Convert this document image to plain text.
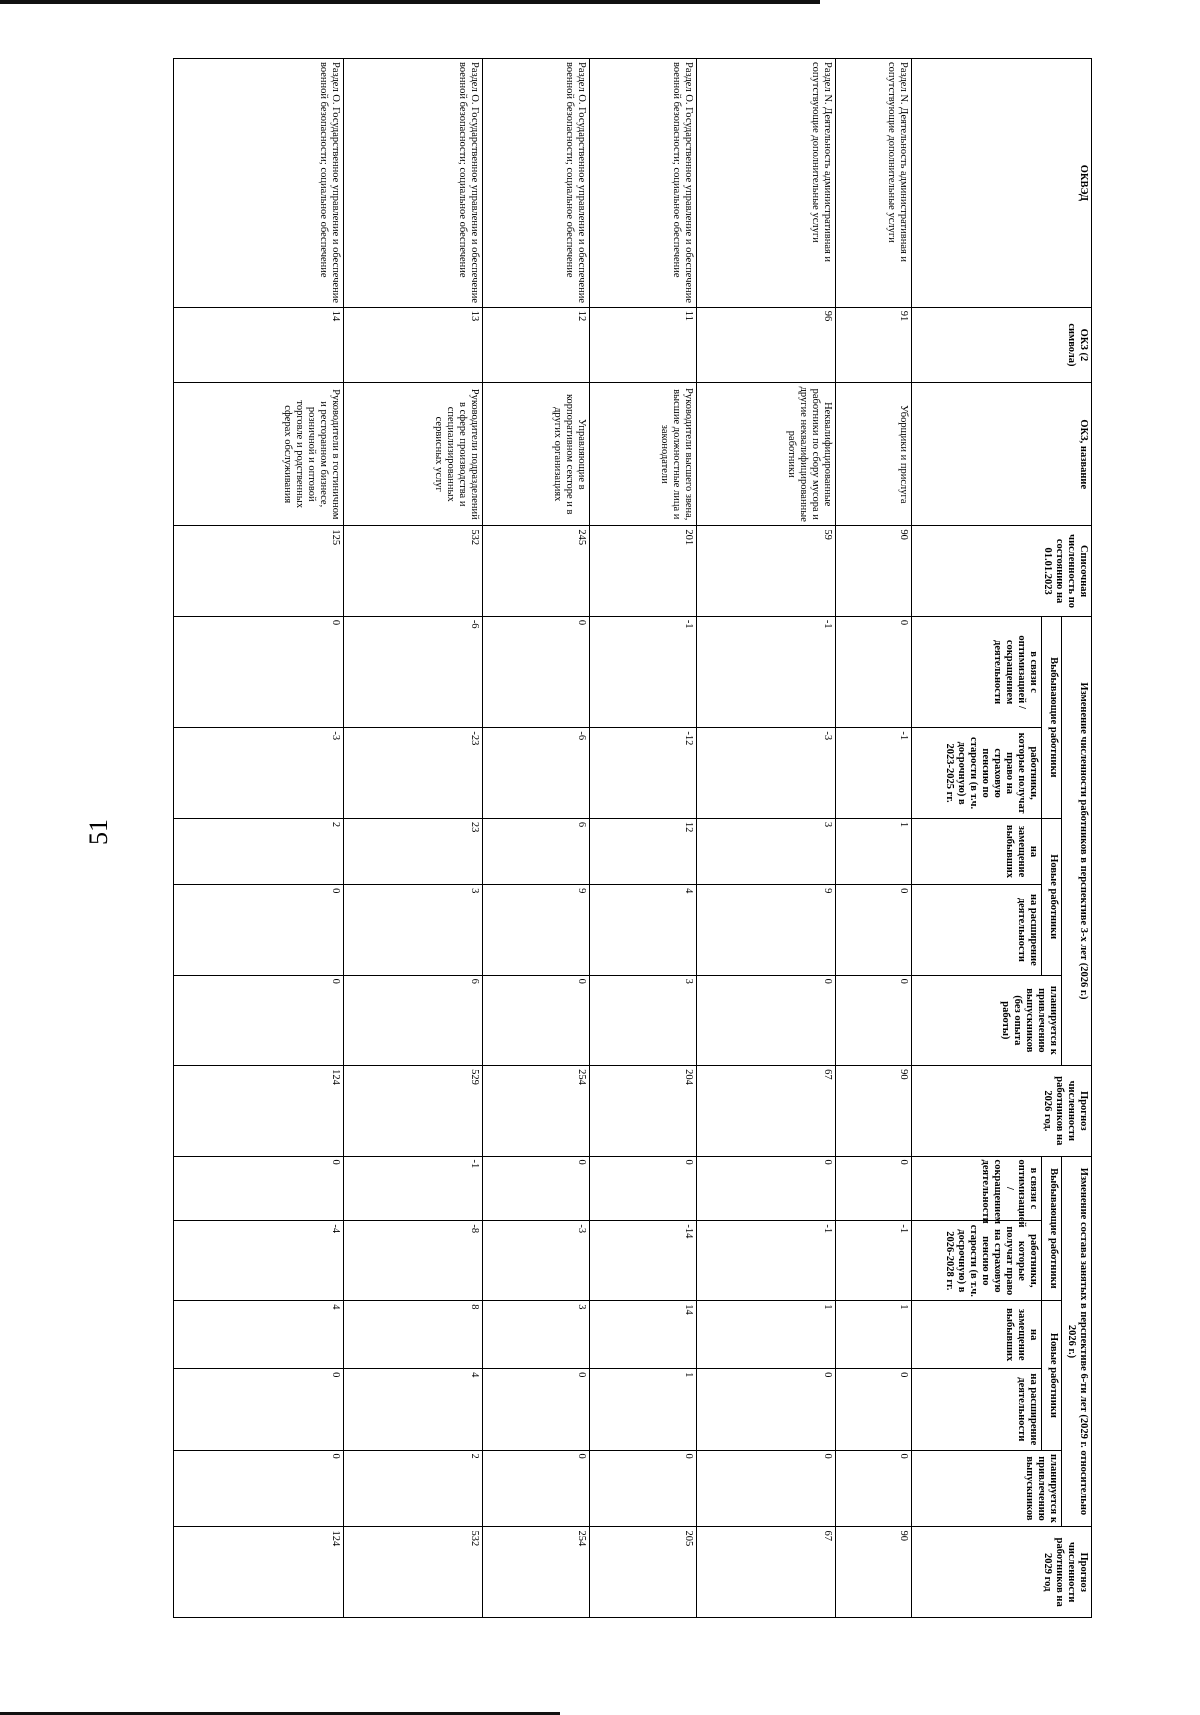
51
ОКВЭД	ОКЗ (2 символа)	ОКЗ, название	Списочная численность по состоянию на 01.01.2023	Изменение численности работников в перспективе 3-х лет (2026 г.)					Прогноз численности работников на 2026 год.	Изменение состава занятых в перспективе 6-ти лет (2029 г. относительно 2026 г.)					Прогноз численности работников на 2029 год
				Выбывающие работники		Новые работники		планируется к привлечению выпускников (без опыта работы)		Выбывающие работники		Новые работники		планируется к привлечению выпускников	
				в связи с оптимизацией / сокращением деятельности	работники, которые получат право на страховую пенсию по старости (в т.ч. досрочную) в 2023-2025 гг.	на замещение выбывших	на расширение деятельности			в связи с оптимизацией / сокращением деятельности	работники, которые получат право на страховую пенсию по старости (в т.ч. досрочную) в 2026-2028 гг.	на замещение выбывших	на расширение деятельности		
Раздел N. Деятельность административная и сопутствующие дополнительные услуги	91	Уборщики и прислуга	90	0	-1	1	0	0	90	0	-1	1	0	0	90
Раздел N. Деятельность административная и сопутствующие дополнительные услуги	96	Неквалифицированные работники по сбору мусора и другие неквалифицированные работники	59	-1	-3	3	9	0	67	0	-1	1	0	0	67
Раздел O. Государственное управление и обеспечение военной безопасности; социальное обеспечение	11	Руководители высшего звена, высшие должностные лица и законодатели	201	-1	-12	12	4	3	204	0	-14	14	1	0	205
Раздел O. Государственное управление и обеспечение военной безопасности; социальное обеспечение	12	Управляющие в корпоративном секторе и в других организациях	245	0	-6	6	9	0	254	0	-3	3	0	0	254
Раздел O. Государственное управление и обеспечение военной безопасности; социальное обеспечение	13	Руководители подразделений в сфере производства и специализированных сервисных услуг	532	-6	-23	23	3	6	529	-1	-8	8	4	2	532
Раздел O. Государственное управление и обеспечение военной безопасности; социальное обеспечение	14	Руководители в гостиничном и ресторанном бизнесе, розничной и оптовой торговле и родственных сферах обслуживания	125	0	-3	2	0	0	124	0	-4	4	0	0	124
